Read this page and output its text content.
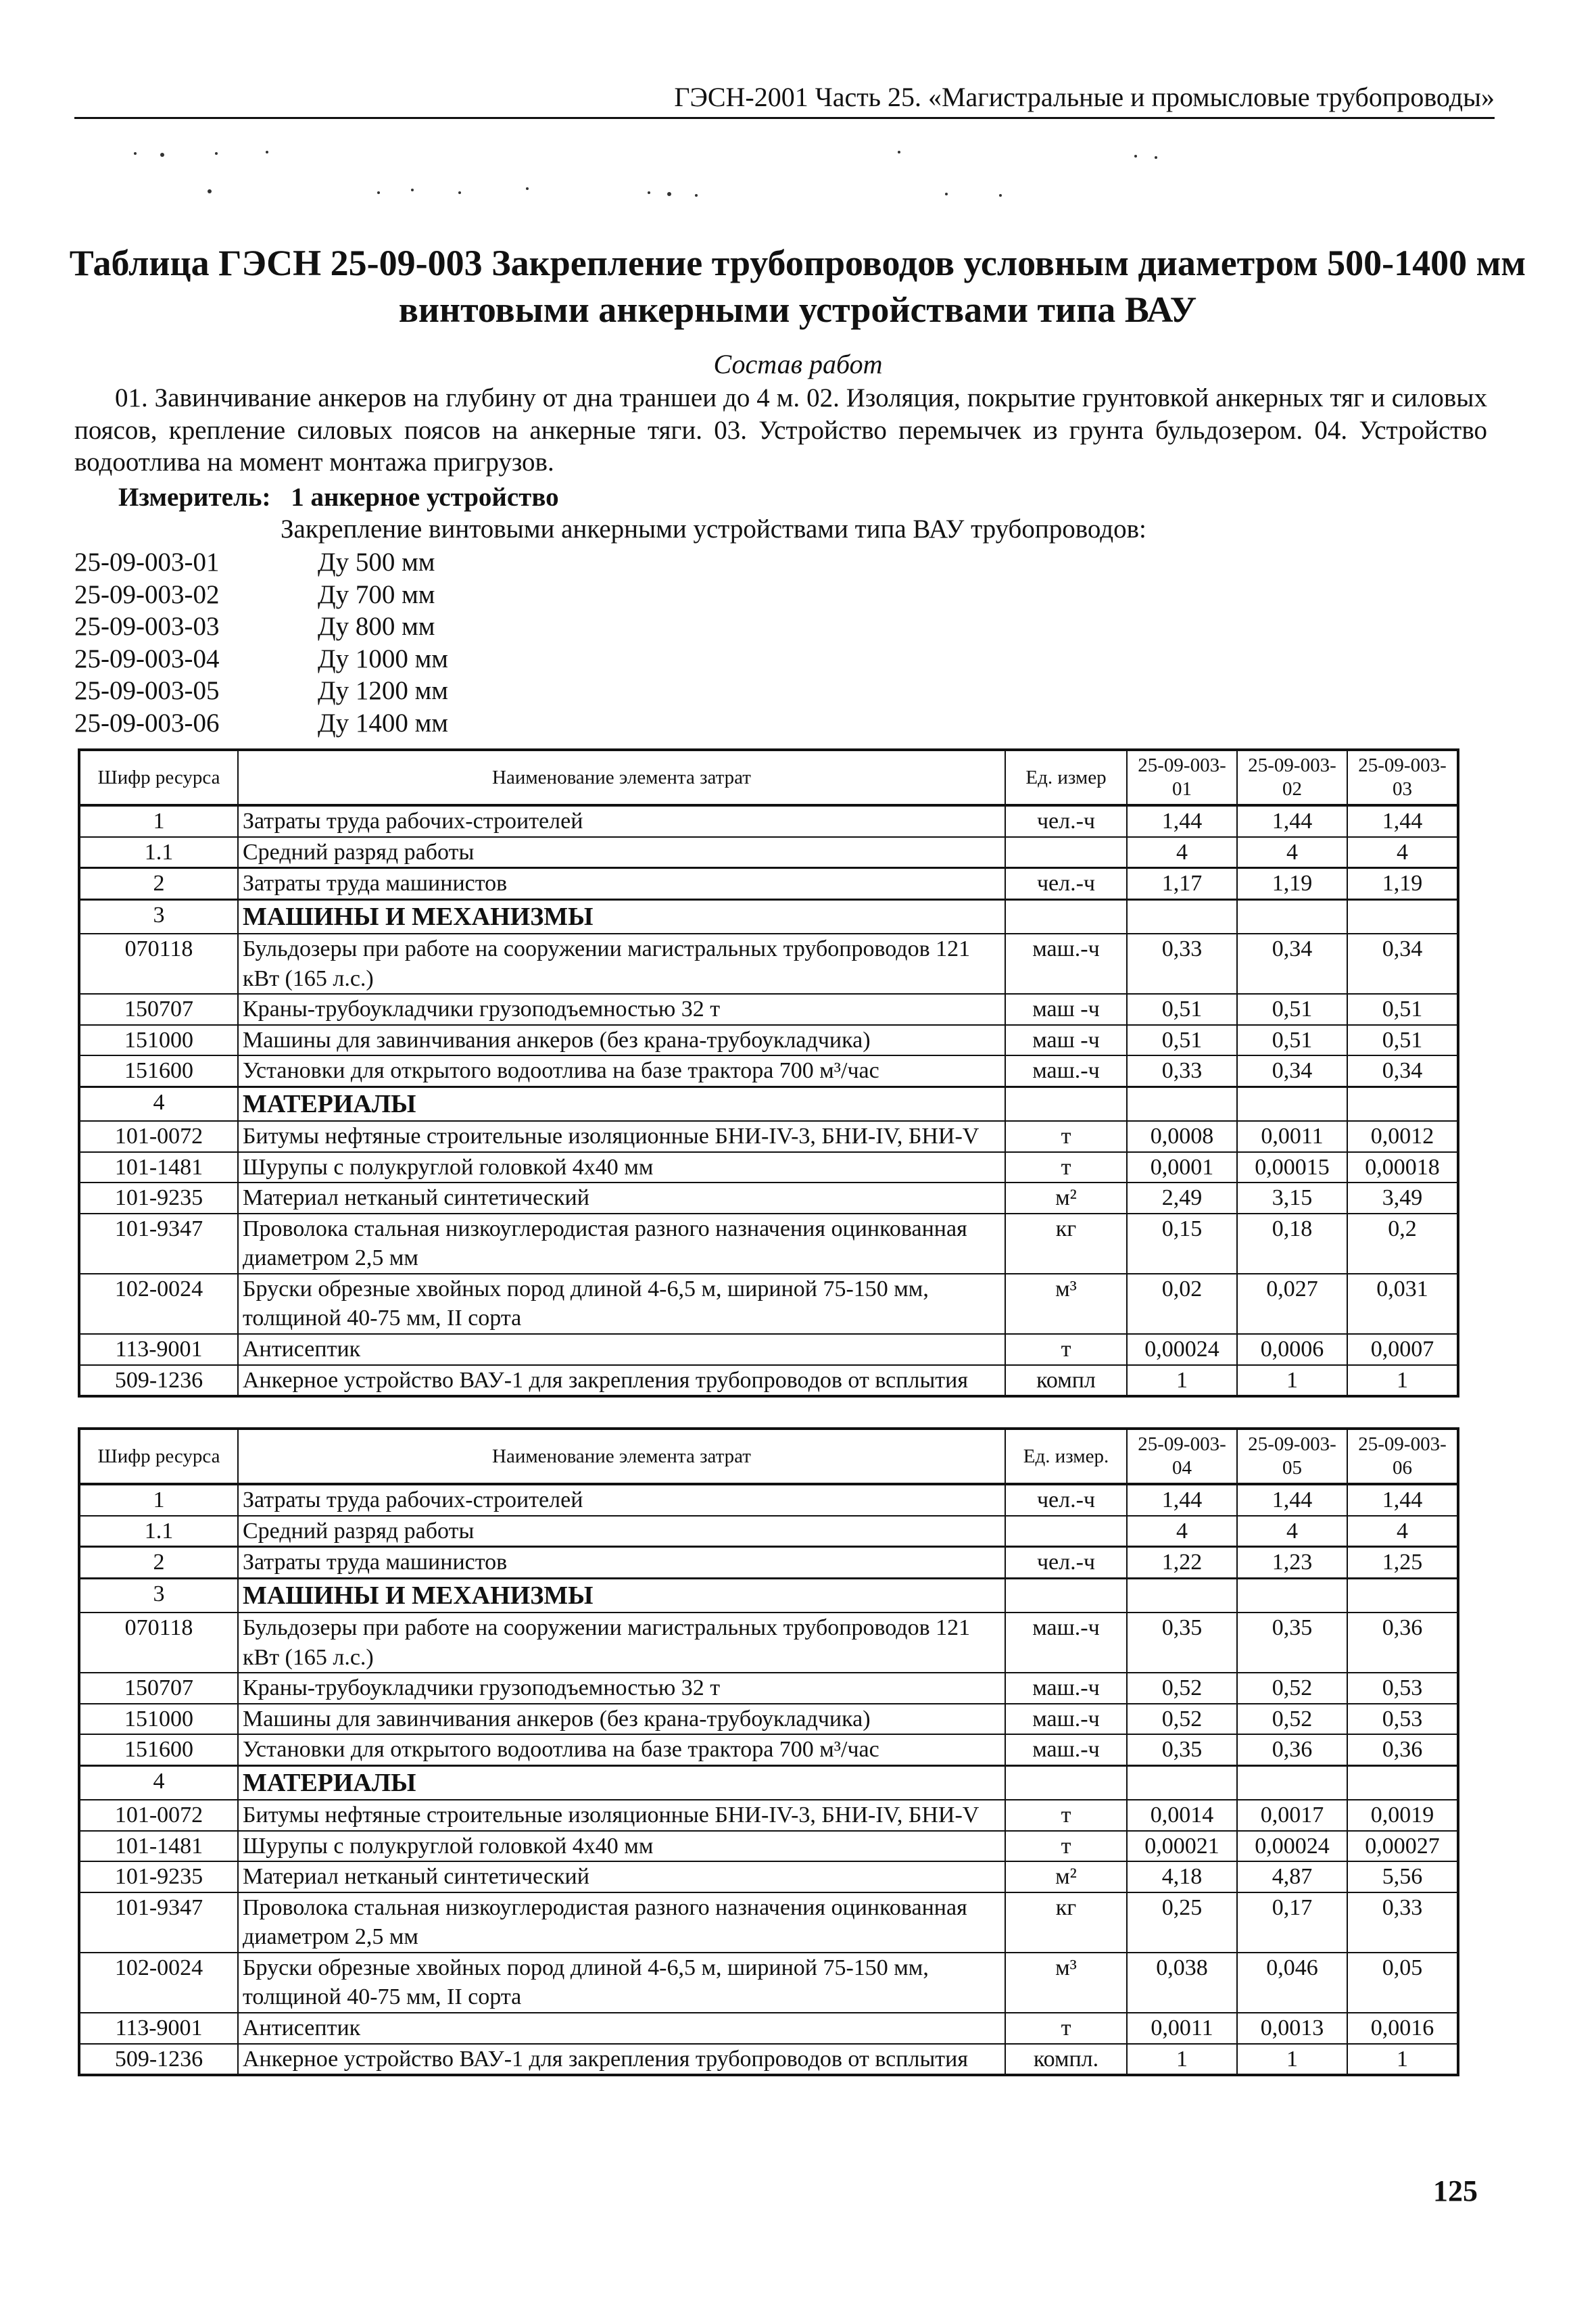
ГЭСН-2001 Часть 25. «Магистральные и промысловые трубопроводы»
Таблица ГЭСН 25-09-003 Закрепление трубопроводов условным диаметром 500-1400 мм
винтовыми анкерными устройствами типа ВАУ
Состав работ
01. Завинчивание анкеров на глубину от дна траншеи до 4 м. 02. Изоляция, покрытие грунтовкой анкерных тяг и силовых поясов, крепление силовых поясов на анкерные тяги. 03. Устройство перемычек из грунта бульдозером. 04. Устройство водоотлива на момент монтажа пригрузов.
Измеритель: 1 анкерное устройство
Закрепление винтовыми анкерными устройствами типа ВАУ трубопроводов:
25-09-003-01	Ду 500 мм
25-09-003-02	Ду 700 мм
25-09-003-03	Ду 800 мм
25-09-003-04	Ду 1000 мм
25-09-003-05	Ду 1200 мм
25-09-003-06	Ду 1400 мм
Шифр ресурса	Наименование элемента затрат	Ед. измер	25-09-003-01	25-09-003-02	25-09-003-03
1	Затраты труда рабочих-строителей	чел.-ч	1,44	1,44	1,44
1.1	Средний разряд работы		4	4	4
2	Затраты труда машинистов	чел.-ч	1,17	1,19	1,19
3	МАШИНЫ И МЕХАНИЗМЫ				
070118	Бульдозеры при работе на сооружении магистральных трубопроводов 121 кВт (165 л.с.)	маш.-ч	0,33	0,34	0,34
150707	Краны-трубоукладчики грузоподъемностью 32 т	маш -ч	0,51	0,51	0,51
151000	Машины для завинчивания анкеров (без крана-трубоукладчика)	маш -ч	0,51	0,51	0,51
151600	Установки для открытого водоотлива на базе трактора 700 м³/час	маш.-ч	0,33	0,34	0,34
4	МАТЕРИАЛЫ				
101-0072	Битумы нефтяные строительные изоляционные БНИ-IV-3, БНИ-IV, БНИ-V	т	0,0008	0,0011	0,0012
101-1481	Шурупы с полукруглой головкой 4x40 мм	т	0,0001	0,00015	0,00018
101-9235	Материал нетканый синтетический	м²	2,49	3,15	3,49
101-9347	Проволока стальная низкоуглеродистая разного назначения оцинкованная диаметром 2,5 мм	кг	0,15	0,18	0,2
102-0024	Бруски обрезные хвойных пород длиной 4-6,5 м, шириной 75-150 мм, толщиной 40-75 мм, II сорта	м³	0,02	0,027	0,031
113-9001	Антисептик	т	0,00024	0,0006	0,0007
509-1236	Анкерное устройство ВАУ-1 для закрепления трубопроводов от всплытия	компл	1	1	1
Шифр ресурса	Наименование элемента затрат	Ед. измер.	25-09-003-04	25-09-003-05	25-09-003-06
1	Затраты труда рабочих-строителей	чел.-ч	1,44	1,44	1,44
1.1	Средний разряд работы		4	4	4
2	Затраты труда машинистов	чел.-ч	1,22	1,23	1,25
3	МАШИНЫ И МЕХАНИЗМЫ				
070118	Бульдозеры при работе на сооружении магистральных трубопроводов 121 кВт (165 л.с.)	маш.-ч	0,35	0,35	0,36
150707	Краны-трубоукладчики грузоподъемностью 32 т	маш.-ч	0,52	0,52	0,53
151000	Машины для завинчивания анкеров (без крана-трубоукладчика)	маш.-ч	0,52	0,52	0,53
151600	Установки для открытого водоотлива на базе трактора 700 м³/час	маш.-ч	0,35	0,36	0,36
4	МАТЕРИАЛЫ				
101-0072	Битумы нефтяные строительные изоляционные БНИ-IV-3, БНИ-IV, БНИ-V	т	0,0014	0,0017	0,0019
101-1481	Шурупы с полукруглой головкой 4x40 мм	т	0,00021	0,00024	0,00027
101-9235	Материал нетканый синтетический	м²	4,18	4,87	5,56
101-9347	Проволока стальная низкоуглеродистая разного назначения оцинкованная диаметром 2,5 мм	кг	0,25	0,17	0,33
102-0024	Бруски обрезные хвойных пород длиной 4-6,5 м, шириной 75-150 мм, толщиной 40-75 мм, II сорта	м³	0,038	0,046	0,05
113-9001	Антисептик	т	0,0011	0,0013	0,0016
509-1236	Анкерное устройство ВАУ-1 для закрепления трубопроводов от всплытия	компл.	1	1	1
125
